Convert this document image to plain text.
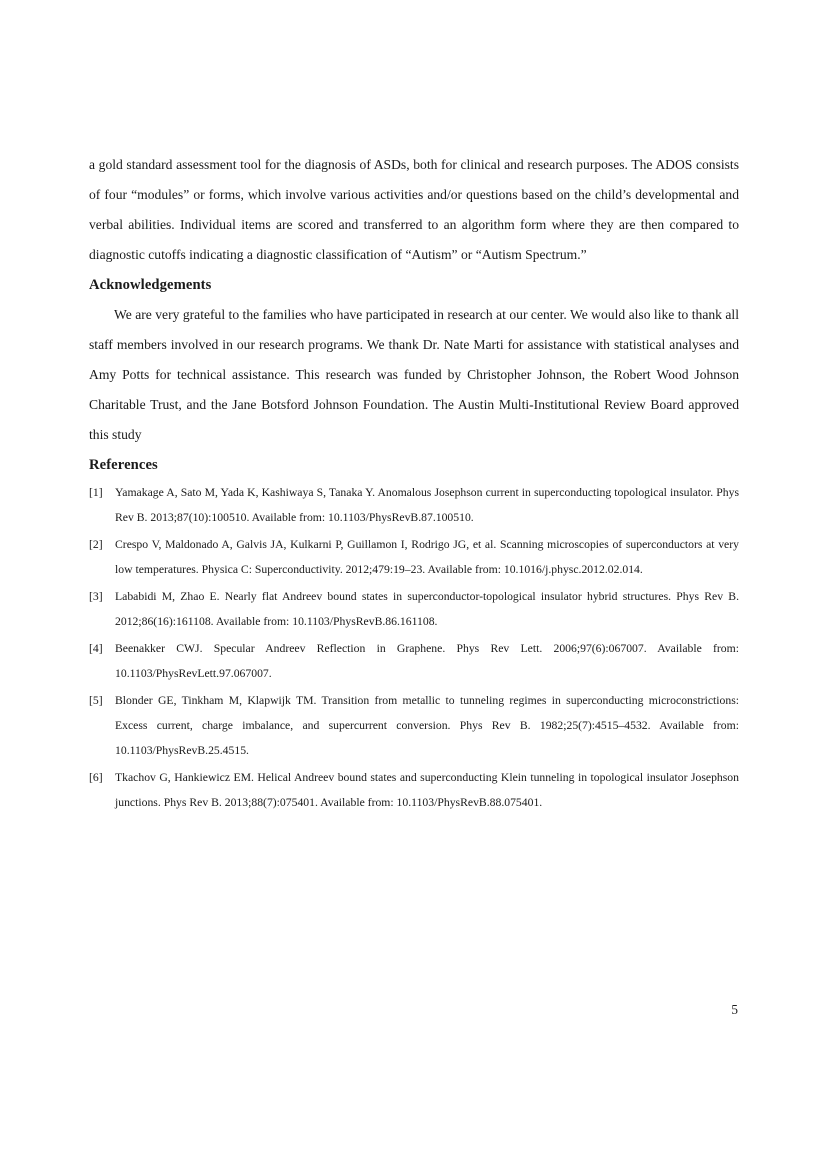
a gold standard assessment tool for the diagnosis of ASDs, both for clinical and research purposes. The ADOS consists of four “modules” or forms, which involve various activities and/or questions based on the child’s developmental and verbal abilities. Individual items are scored and transferred to an algorithm form where they are then compared to diagnostic cutoffs indicating a diagnostic classification of “Autism” or “Autism Spectrum.”

Acknowledgements

We are very grateful to the families who have participated in research at our center. We would also like to thank all staff members involved in our research programs. We thank Dr. Nate Marti for assistance with statistical analyses and Amy Potts for technical assistance. This research was funded by Christopher Johnson, the Robert Wood Johnson Charitable Trust, and the Jane Botsford Johnson Foundation. The Austin Multi-Institutional Review Board approved this study

References
[1]	Yamakage A, Sato M, Yada K, Kashiwaya S, Tanaka Y. Anomalous Josephson current in superconducting topological insulator. Phys Rev B. 2013;87(10):100510. Available from: 10.1103/PhysRevB.87.100510.
[2]	Crespo V, Maldonado A, Galvis JA, Kulkarni P, Guillamon I, Rodrigo JG, et al. Scanning microscopies of superconductors at very low temperatures. Physica C: Superconductivity. 2012;479:19–23. Available from: 10.1016/j.physc.2012.02.014.
[3]	Lababidi M, Zhao E. Nearly flat Andreev bound states in superconductor-topological insulator hybrid structures. Phys Rev B. 2012;86(16):161108. Available from: 10.1103/PhysRevB.86.161108.
[4]	Beenakker CWJ. Specular Andreev Reflection in Graphene. Phys Rev Lett. 2006;97(6):067007. Available from: 10.1103/PhysRevLett.97.067007.
[5]	Blonder GE, Tinkham M, Klapwijk TM. Transition from metallic to tunneling regimes in superconducting microconstrictions: Excess current, charge imbalance, and supercurrent conversion. Phys Rev B. 1982;25(7):4515–4532. Available from: 10.1103/PhysRevB.25.4515.
[6]	Tkachov G, Hankiewicz EM. Helical Andreev bound states and superconducting Klein tunneling in topological insulator Josephson junctions. Phys Rev B. 2013;88(7):075401. Available from: 10.1103/PhysRevB.88.075401.
5
